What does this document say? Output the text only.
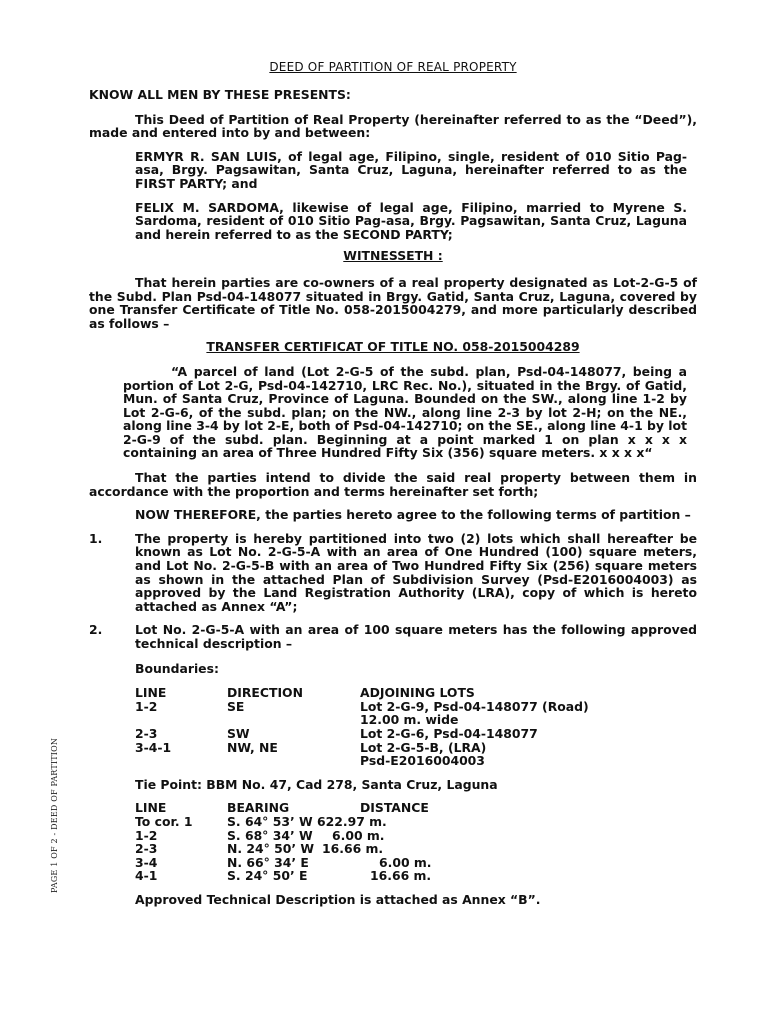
DEED OF PARTITION OF REAL PROPERTY

KNOW ALL MEN BY THESE PRESENTS:

This Deed of Partition of Real Property (hereinafter referred to as the “Deed”), made and entered into by and between:

ERMYR R. SAN LUIS, of legal age, Filipino, single, resident of 010 Sitio Pag-asa, Brgy. Pagsawitan, Santa Cruz, Laguna, hereinafter referred to as the FIRST PARTY; and

FELIX M. SARDOMA, likewise of legal age, Filipino, married to Myrene S. Sardoma, resident of 010 Sitio Pag-asa, Brgy. Pagsawitan, Santa Cruz, Laguna and herein referred to as the SECOND PARTY;

WITNESSETH :

That herein parties are co-owners of a real property designated as Lot-2-G-5 of the Subd. Plan Psd-04-148077 situated in Brgy. Gatid, Santa Cruz, Laguna, covered by one Transfer Certificate of Title No. 058-2015004279, and more particularly described as follows –

TRANSFER CERTIFICAT OF TITLE NO. 058-2015004289

“A parcel of land (Lot 2-G-5 of the subd. plan, Psd-04-148077, being a portion of Lot 2-G, Psd-04-142710, LRC Rec. No.), situated in the Brgy. of Gatid, Mun. of Santa Cruz, Province of Laguna. Bounded on the SW., along line 1-2 by Lot 2-G-6, of the subd. plan; on the NW., along line 2-3 by lot 2-H; on the NE., along line 3-4 by lot 2-E, both of Psd-04-142710; on the SE., along line 4-1 by lot 2-G-9 of the subd. plan. Beginning at a point marked 1 on plan x x x x containing an area of Three Hundred Fifty Six (356) square meters. x x x x“

That the parties intend to divide the said real property between them in accordance with the proportion and terms hereinafter set forth;

NOW THEREFORE, the parties hereto agree to the following terms of partition –

1.	The property is hereby partitioned into two (2) lots which shall hereafter be known as Lot No. 2-G-5-A with an area of One Hundred (100) square meters, and Lot No. 2-G-5-B with an area of Two Hundred Fifty Six (256) square meters as shown in the attached Plan of Subdivision Survey (Psd-E2016004003) as approved by the Land Registration Authority (LRA), copy of which is hereto attached as Annex “A”;

2.	Lot No. 2-G-5-A with an area of 100 square meters has the following approved technical description –

Boundaries:

LINE	DIRECTION	ADJOINING LOTS
1-2	SE	Lot 2-G-9, Psd-04-148077 (Road)
12.00 m. wide
2-3	SW	Lot 2-G-6, Psd-04-148077
3-4-1	NW, NE	Lot 2-G-5-B, (LRA)
Psd-E2016004003

Tie Point: BBM No. 47, Cad 278, Santa Cruz, Laguna

LINE	BEARING	DISTANCE
To cor. 1	S. 64° 53’ W 622.97 m.
1-2	S. 68° 34’ W	6.00 m.
2-3	N. 24° 50’ W 16.66 m.
3-4	N. 66° 34’ E	6.00 m.
4-1	S. 24° 50’ E	16.66 m.

Approved Technical Description is attached as Annex “B”.

PAGE 1 OF 2 - DEED OF PARTITION
